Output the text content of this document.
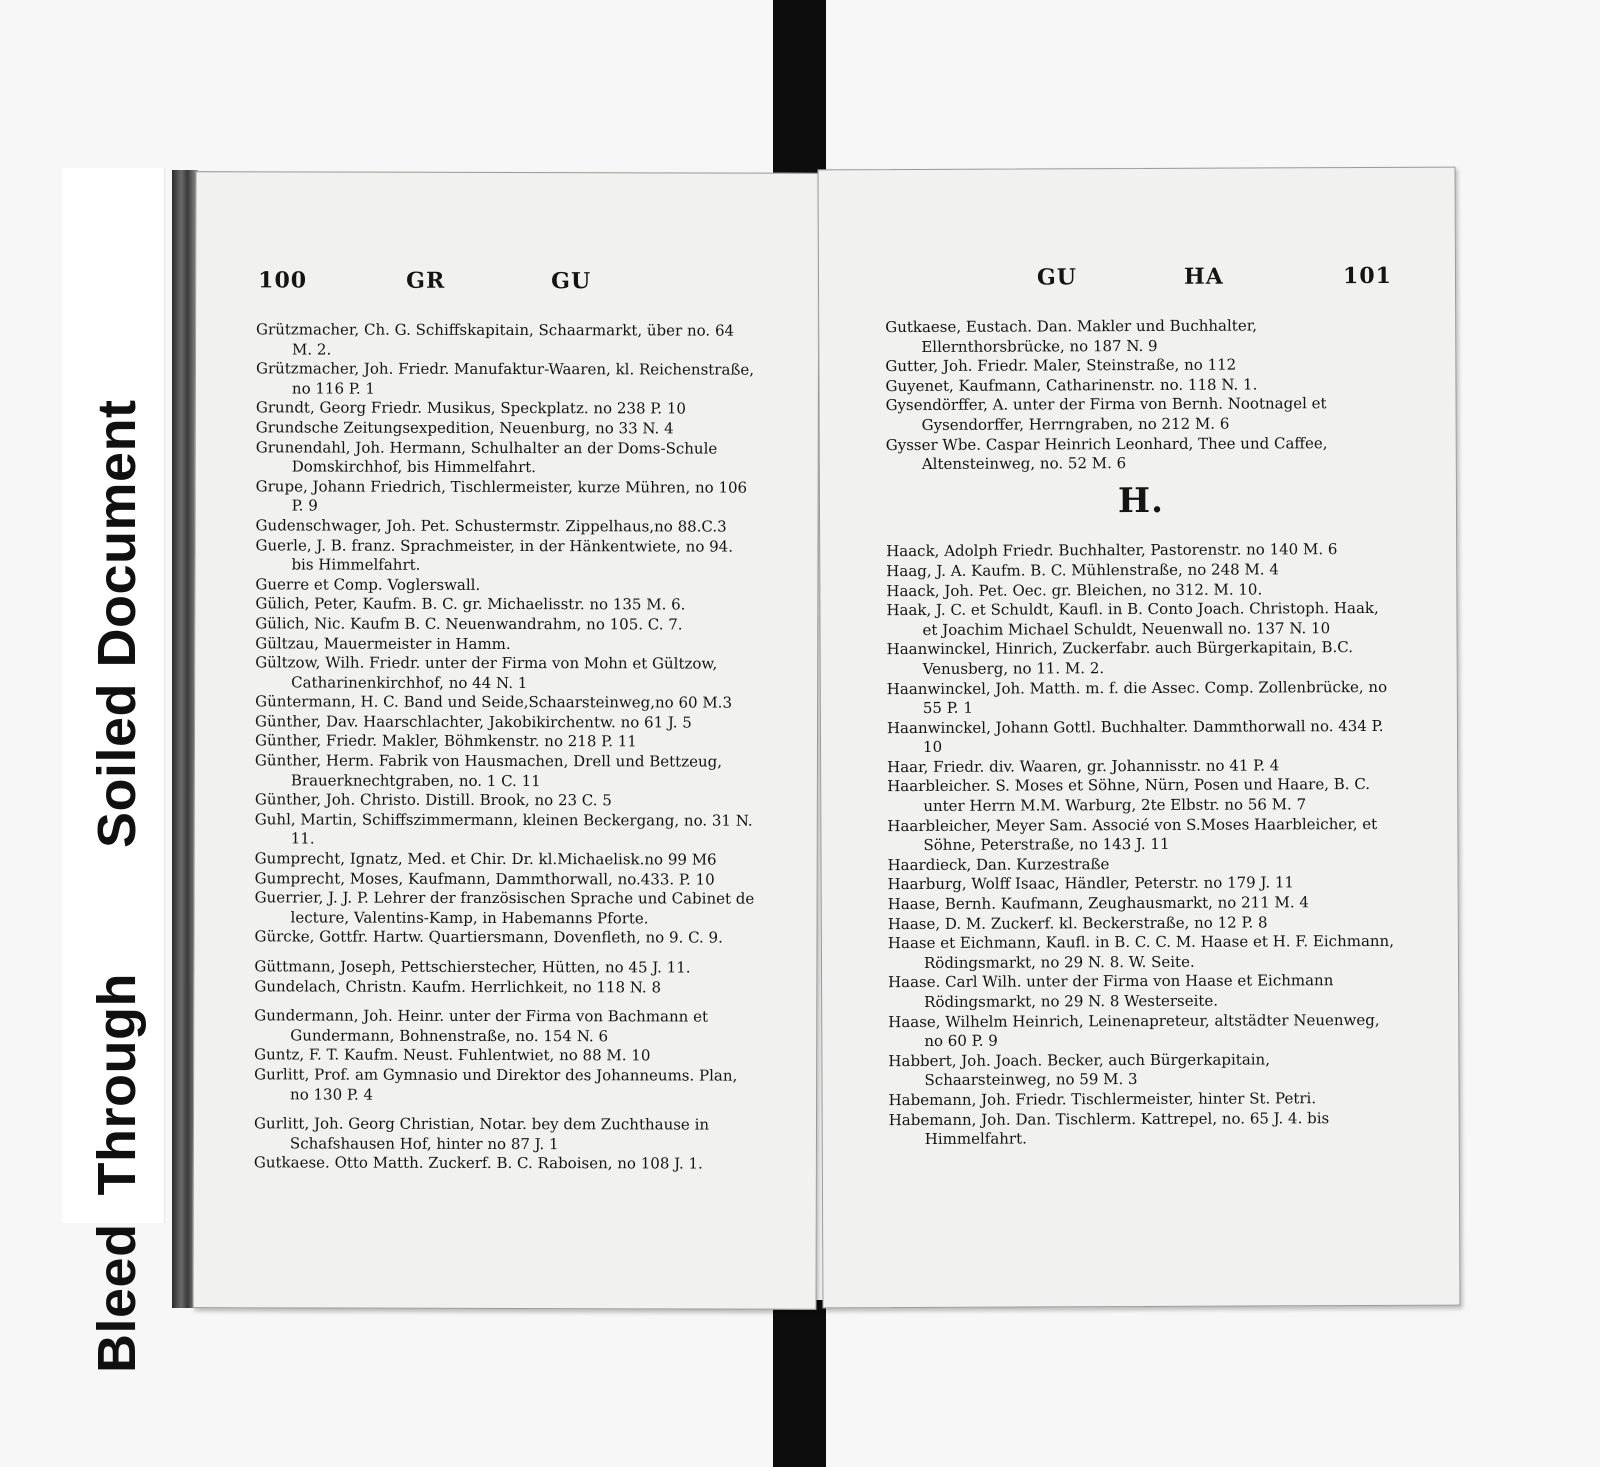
Soiled Document
BleedThrough
100	GR	GU
Grützmacher, Ch. G. Schiffskapitain, Schaarmarkt, über no. 64 M. 2.
Grützmacher, Joh. Friedr. Manufaktur-Waaren, kl. Reichenstraße, no 116 P. 1
Grundt, Georg Friedr. Musikus, Speckplatz. no 238 P. 10
Grundsche Zeitungsexpedition, Neuenburg, no 33 N. 4
Grunendahl, Joh. Hermann, Schulhalter an der Doms-Schule Domskirchhof, bis Himmelfahrt.
Grupe, Johann Friedrich, Tischlermeister, kurze Mühren, no 106 P. 9
Gudenschwager, Joh. Pet. Schustermstr. Zippelhaus,no 88.C.3
Guerle, J. B. franz. Sprachmeister, in der Hänkentwiete, no 94. bis Himmelfahrt.
Guerre et Comp. Voglerswall.
Gülich, Peter, Kaufm. B. C. gr. Michaelisstr. no 135 M. 6.
Gülich, Nic. Kaufm B. C. Neuenwandrahm, no 105. C. 7.
Gültzau, Mauermeister in Hamm.
Gültzow, Wilh. Friedr. unter der Firma von Mohn et Gültzow, Catharinenkirchhof, no 44 N. 1
Güntermann, H. C. Band und Seide,Schaarsteinweg,no 60 M.3
Günther, Dav. Haarschlachter, Jakobikirchentw. no 61 J. 5
Günther, Friedr. Makler, Böhmkenstr. no 218 P. 11
Günther, Herm. Fabrik von Hausmachen, Drell und Bettzeug, Brauerknechtgraben, no. 1 C. 11
Günther, Joh. Christo. Distill. Brook, no 23 C. 5
Guhl, Martin, Schiffszimmermann, kleinen Beckergang, no. 31 N. 11.
Gumprecht, Ignatz, Med. et Chir. Dr. kl.Michaelisk.no 99 M6
Gumprecht, Moses, Kaufmann, Dammthorwall, no.433. P. 10
Guerrier, J. J. P. Lehrer der französischen Sprache und Cabinet de lecture, Valentins-Kamp, in Habemanns Pforte.
Gürcke, Gottfr. Hartw. Quartiersmann, Dovenfleth, no 9. C. 9.
Güttmann, Joseph, Pettschierstecher, Hütten, no 45 J. 11.
Gundelach, Christn. Kaufm. Herrlichkeit, no 118 N. 8
Gundermann, Joh. Heinr. unter der Firma von Bachmann et Gundermann, Bohnenstraße, no. 154 N. 6
Guntz, F. T. Kaufm. Neust. Fuhlentwiet, no 88 M. 10
Gurlitt, Prof. am Gymnasio und Direktor des Johanneums. Plan, no 130 P. 4
Gurlitt, Joh. Georg Christian, Notar. bey dem Zuchthause in Schafshausen Hof, hinter no 87 J. 1
Gutkaese. Otto Matth. Zuckerf. B. C. Raboisen, no 108 J. 1.
GU	HA	101
Gutkaese, Eustach. Dan. Makler und Buchhalter, Ellernthorsbrücke, no 187 N. 9
Gutter, Joh. Friedr. Maler, Steinstraße, no 112
Guyenet, Kaufmann, Catharinenstr. no. 118 N. 1.
Gysendörffer, A. unter der Firma von Bernh. Nootnagel et Gysendorffer, Herrngraben, no 212 M. 6
Gysser Wbe. Caspar Heinrich Leonhard, Thee und Caffee, Altensteinweg, no. 52 M. 6
H.
Haack, Adolph Friedr. Buchhalter, Pastorenstr. no 140 M. 6
Haag, J. A. Kaufm. B. C. Mühlenstraße, no 248 M. 4
Haack, Joh. Pet. Oec. gr. Bleichen, no 312. M. 10.
Haak, J. C. et Schuldt, Kaufl. in B. Conto Joach. Christoph. Haak, et Joachim Michael Schuldt, Neuenwall no. 137 N. 10
Haanwinckel, Hinrich, Zuckerfabr. auch Bürgerkapitain, B.C. Venusberg, no 11. M. 2.
Haanwinckel, Joh. Matth. m. f. die Assec. Comp. Zollenbrücke, no 55 P. 1
Haanwinckel, Johann Gottl. Buchhalter. Dammthorwall no. 434 P. 10
Haar, Friedr. div. Waaren, gr. Johannisstr. no 41 P. 4
Haarbleicher. S. Moses et Söhne, Nürn, Posen und Haare, B. C. unter Herrn M.M. Warburg, 2te Elbstr. no 56 M. 7
Haarbleicher, Meyer Sam. Associé von S.Moses Haarbleicher, et Söhne, Peterstraße, no 143 J. 11
Haardieck, Dan. Kurzestraße
Haarburg, Wolff Isaac, Händler, Peterstr. no 179 J. 11
Haase, Bernh. Kaufmann, Zeughausmarkt, no 211 M. 4
Haase, D. M. Zuckerf. kl. Beckerstraße, no 12 P. 8
Haase et Eichmann, Kaufl. in B. C. C. M. Haase et H. F. Eichmann, Rödingsmarkt, no 29 N. 8. W. Seite.
Haase. Carl Wilh. unter der Firma von Haase et Eichmann Rödingsmarkt, no 29 N. 8 Westerseite.
Haase, Wilhelm Heinrich, Leinenapreteur, altstädter Neuenweg, no 60 P. 9
Habbert, Joh. Joach. Becker, auch Bürgerkapitain, Schaarsteinweg, no 59 M. 3
Habemann, Joh. Friedr. Tischlermeister, hinter St. Petri.
Habemann, Joh. Dan. Tischlerm. Kattrepel, no. 65 J. 4. bis Himmelfahrt.
